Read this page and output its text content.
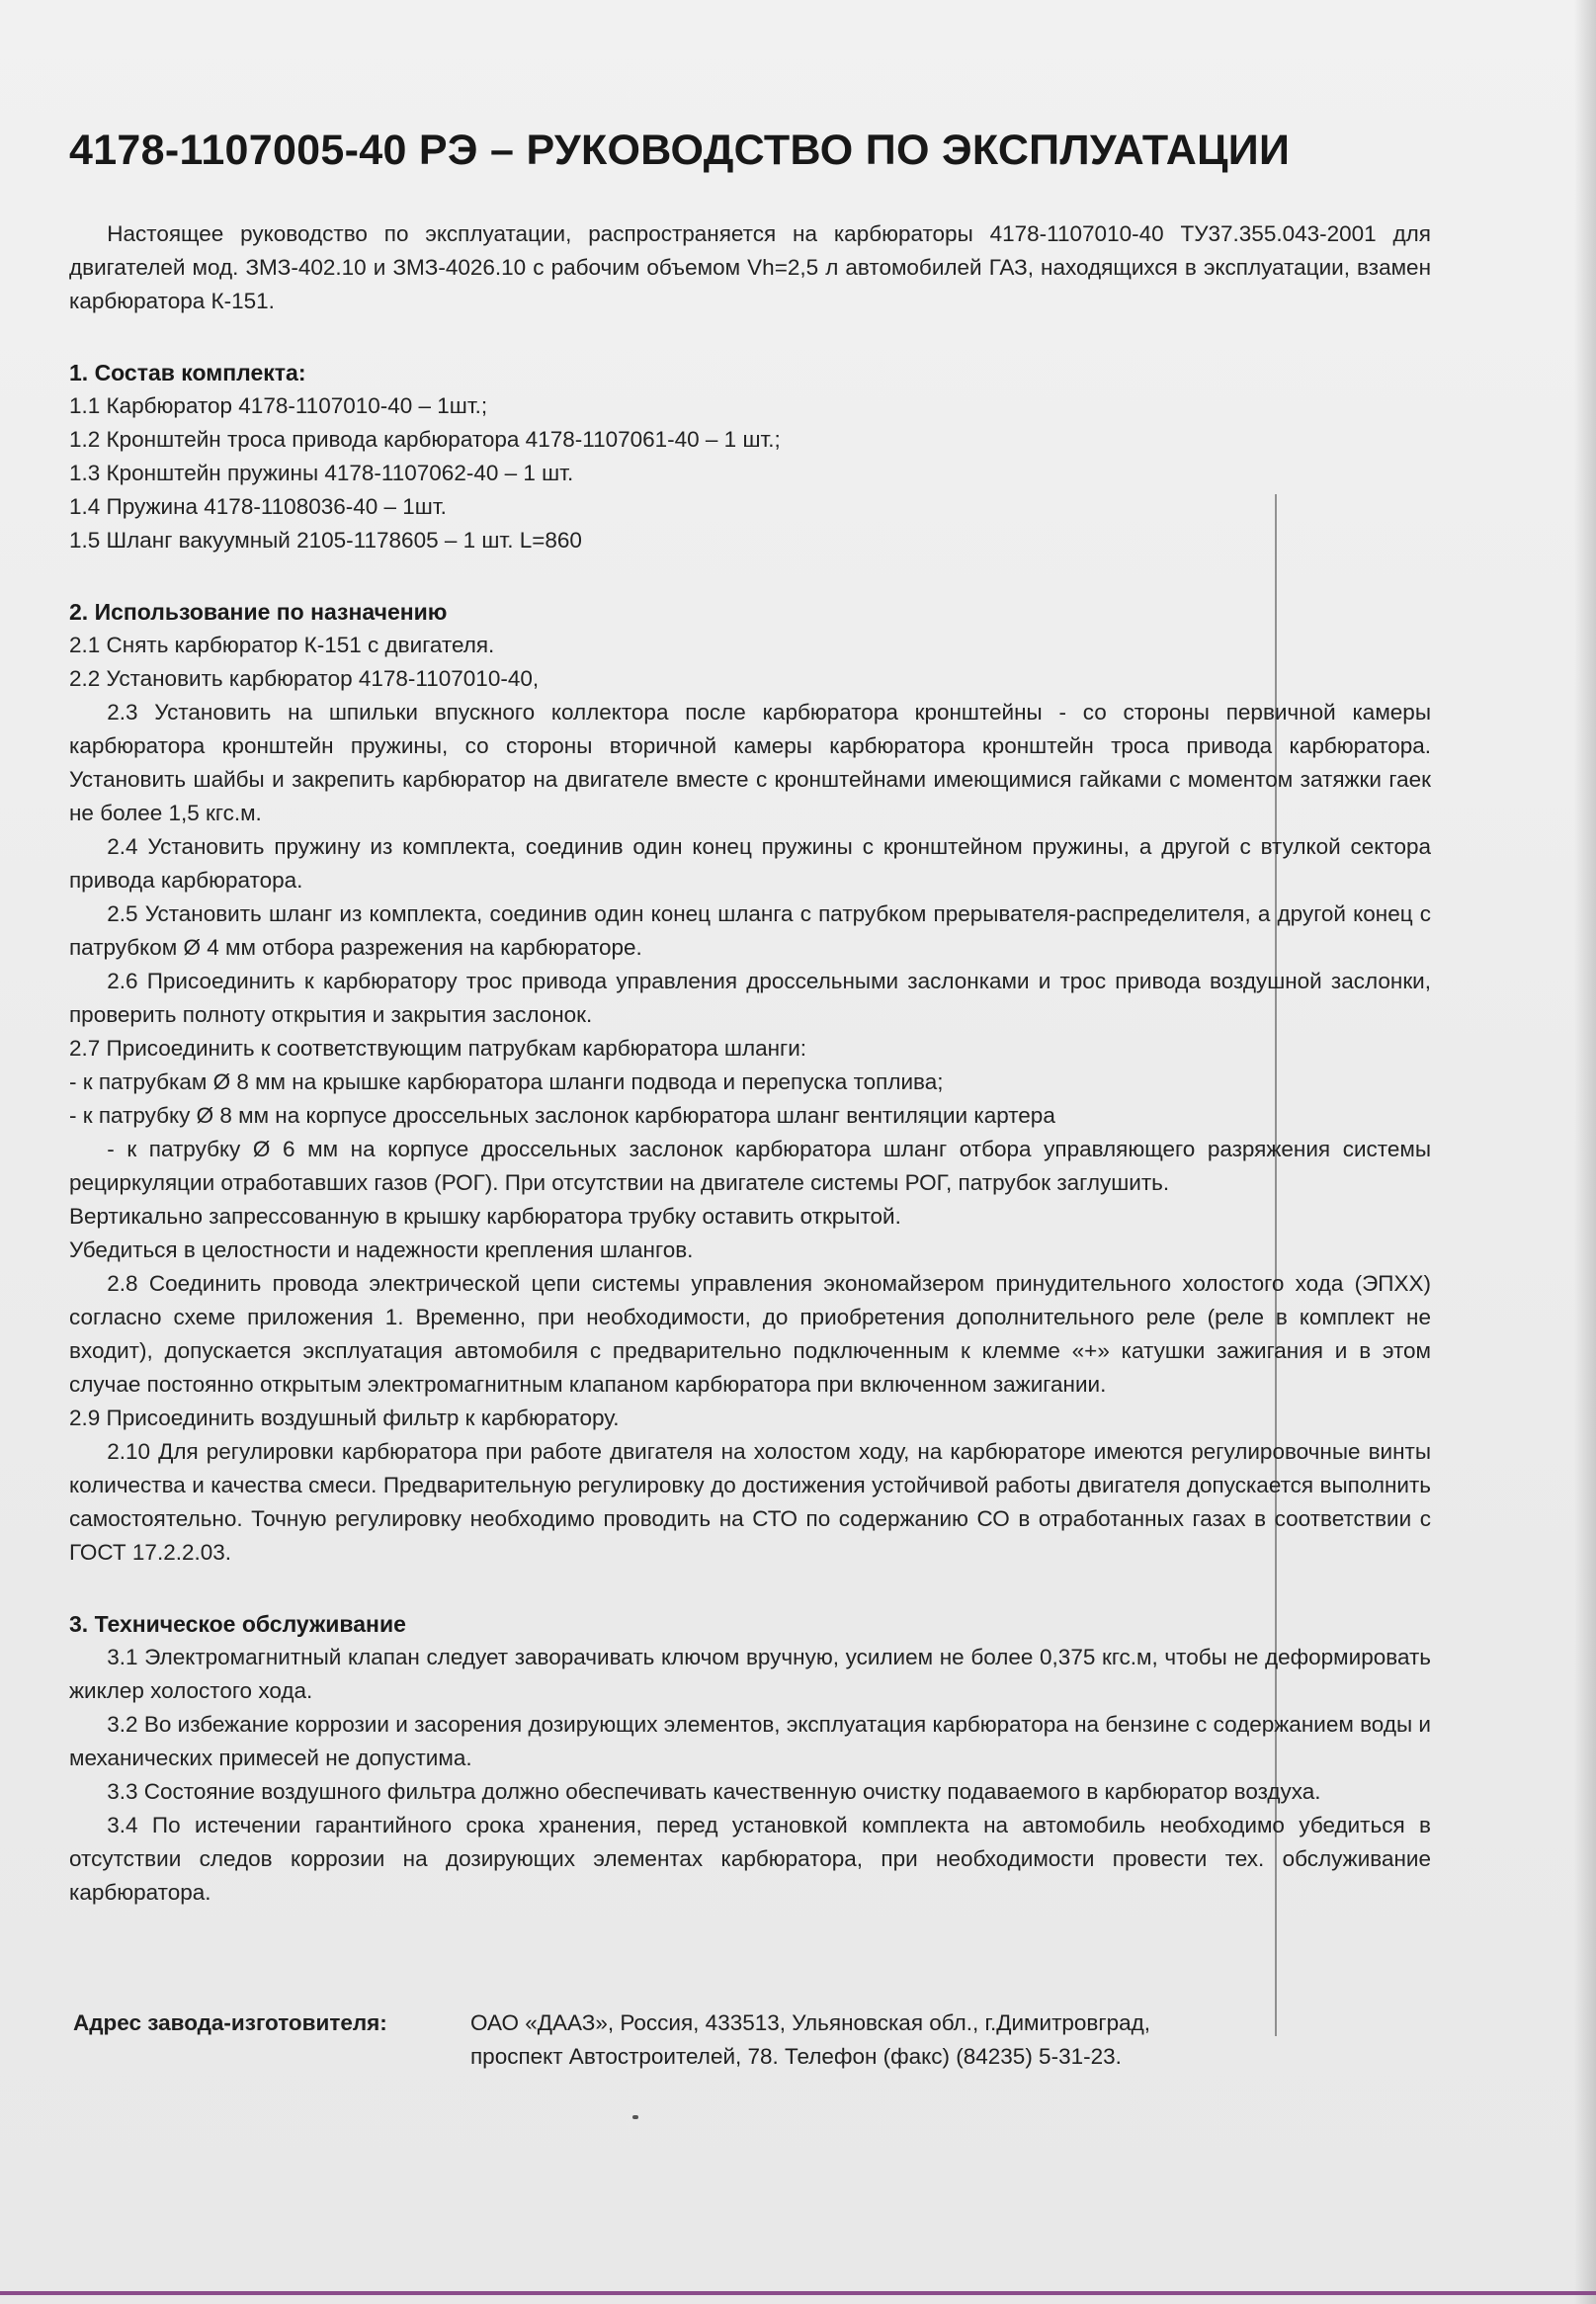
4178-1107005-40 РЭ – РУКОВОДСТВО ПО ЭКСПЛУАТАЦИИ

Настоящее руководство по эксплуатации, распространяется на карбюраторы 4178-1107010-40 ТУ37.355.043-2001 для двигателей мод. ЗМЗ-402.10 и ЗМЗ-4026.10 с рабочим объемом Vh=2,5 л автомобилей ГАЗ, находящихся в эксплуатации, взамен карбюратора К-151.

1. Состав комплекта:

1.1 Карбюратор 4178-1107010-40 – 1шт.;

1.2 Кронштейн троса привода карбюратора 4178-1107061-40 – 1 шт.;

1.3 Кронштейн пружины 4178-1107062-40 – 1 шт.

1.4 Пружина 4178-1108036-40 – 1шт.

1.5 Шланг вакуумный 2105-1178605 – 1 шт. L=860

2. Использование по назначению

2.1 Снять карбюратор К-151 с двигателя.

2.2 Установить карбюратор 4178-1107010-40,

2.3 Установить на шпильки впускного коллектора после карбюратора кронштейны - со стороны первичной камеры карбюратора кронштейн пружины, со стороны вторичной камеры карбюратора кронштейн троса привода карбюратора. Установить шайбы и закрепить карбюратор на двигателе вместе с кронштейнами имеющимися гайками с моментом затяжки гаек не более 1,5 кгс.м.

2.4 Установить пружину из комплекта, соединив один конец пружины с кронштейном пружины, а другой с втулкой сектора привода карбюратора.

2.5 Установить шланг из комплекта, соединив один конец шланга с патрубком прерывателя-распределителя, а другой конец с патрубком Ø 4 мм отбора разрежения на карбюраторе.

2.6 Присоединить к карбюратору трос привода управления дроссельными заслонками и трос привода воздушной заслонки, проверить полноту открытия и закрытия заслонок.

2.7 Присоединить к соответствующим патрубкам карбюратора шланги:

- к патрубкам Ø 8 мм на крышке карбюратора шланги подвода и перепуска топлива;

- к патрубку Ø 8 мм на корпусе дроссельных заслонок карбюратора шланг вентиляции картера

- к патрубку Ø 6 мм на корпусе дроссельных заслонок карбюратора шланг отбора управляющего разряжения системы рециркуляции отработавших газов (РОГ). При отсутствии на двигателе системы РОГ, патрубок заглушить.

Вертикально запрессованную в крышку карбюратора трубку оставить открытой.

Убедиться в целостности и надежности крепления шлангов.

2.8 Соединить провода электрической цепи системы управления экономайзером принудительного холостого хода (ЭПХХ) согласно схеме приложения 1. Временно, при необходимости, до приобретения дополнительного реле (реле в комплект не входит), допускается эксплуатация автомобиля с предварительно подключенным к клемме «+» катушки зажигания и в этом случае постоянно открытым электромагнитным клапаном карбюратора при включенном зажигании.

2.9 Присоединить воздушный фильтр к карбюратору.

2.10 Для регулировки карбюратора при работе двигателя на холостом ходу, на карбюраторе имеются регулировочные винты количества и качества смеси. Предварительную регулировку до достижения устойчивой работы двигателя допускается выполнить самостоятельно. Точную регулировку необходимо проводить на СТО по содержанию СО в отработанных газах в соответствии с ГОСТ 17.2.2.03.

3. Техническое обслуживание

3.1 Электромагнитный клапан следует заворачивать ключом вручную, усилием не более 0,375 кгс.м, чтобы не деформировать жиклер холостого хода.

3.2 Во избежание коррозии и засорения дозирующих элементов, эксплуатация карбюратора на бензине с содержанием воды и механических примесей не допустима.

3.3 Состояние воздушного фильтра должно обеспечивать качественную очистку подаваемого в карбюратор воздуха.

3.4 По истечении гарантийного срока хранения, перед установкой комплекта на автомобиль необходимо убедиться в отсутствии следов коррозии на дозирующих элементах карбюратора, при необходимости провести тех. обслуживание карбюратора.

Адрес завода-изготовителя:	ОАО «ДААЗ», Россия, 433513, Ульяновская обл., г.Димитровград,
проспект Автостроителей, 78. Телефон (факс) (84235) 5-31-23.
